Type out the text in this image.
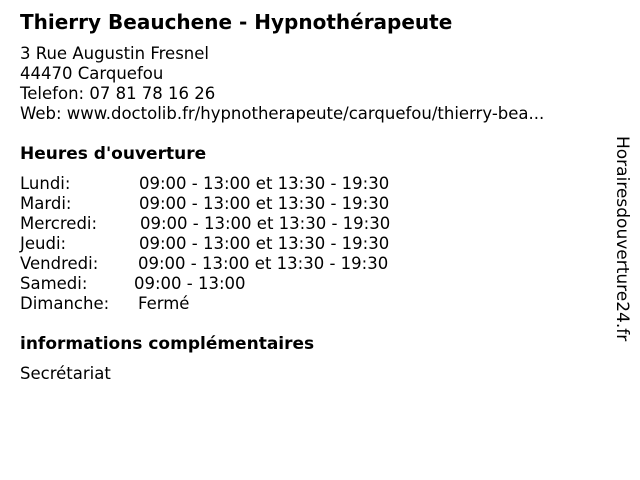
Thierry Beauchene - Hypnothérapeute
3 Rue Augustin Fresnel
44470 Carquefou
Telefon: 07 81 78 16 26
Web: www.doctolib.fr/hypnotherapeute/carquefou/thierry-bea...
Heures d'ouverture
Lundi:	09:00 - 13:00 et 13:30 - 19:30
Mardi:	09:00 - 13:00 et 13:30 - 19:30
Mercredi:	09:00 - 13:00 et 13:30 - 19:30
Jeudi:	09:00 - 13:00 et 13:30 - 19:30
Vendredi: 09:00 - 13:00 et 13:30 - 19:30
Samedi:	09:00 - 13:00
Dimanche: Fermé
informations complémentaires
Secrétariat
Horairesdouverture24.fr
